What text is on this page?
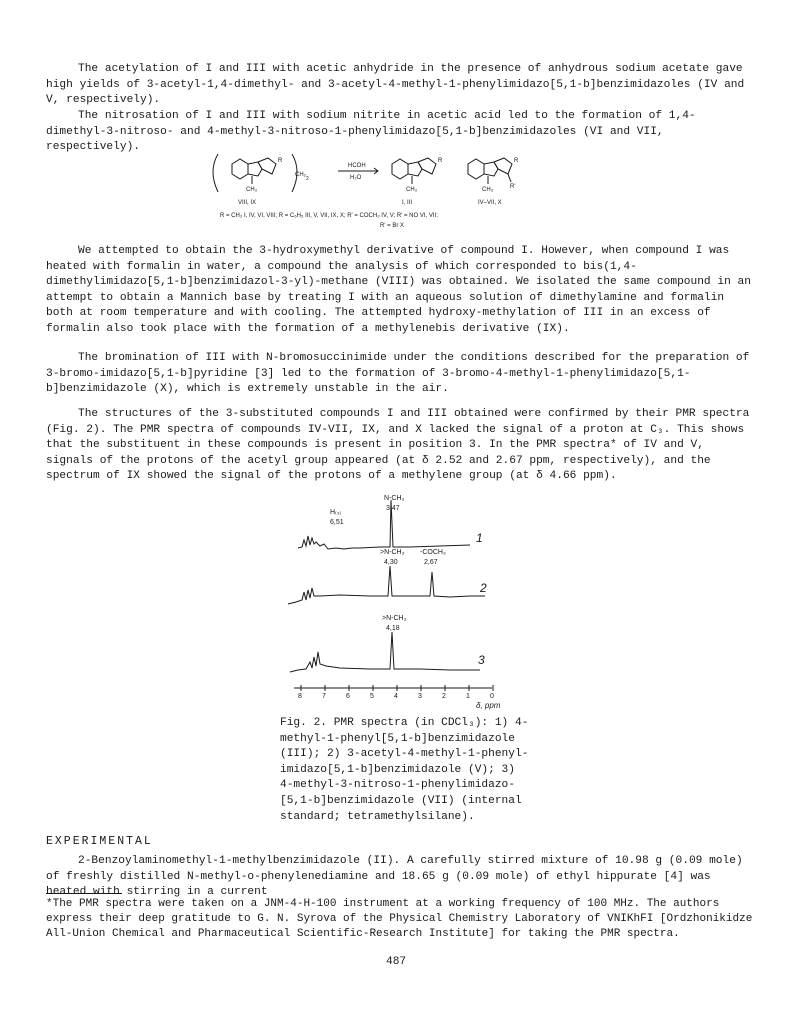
The acetylation of I and III with acetic anhydride in the presence of anhydrous sodium acetate gave high yields of 3-acetyl-1,4-dimethyl- and 3-acetyl-4-methyl-1-phenylimidazo[5,1-b]benzimidazoles (IV and V, respectively).

The nitrosation of I and III with sodium nitrite in acetic acid led to the formation of 1,4-dimethyl-3-nitroso- and 4-methyl-3-nitroso-1-phenylimidazo[5,1-b]benzimidazoles (VI and VII, respectively).

R
CH₃
CH₂
2
HCOH
H₂O
R
CH₃
R
CH₃	R'
VIII, IX	I, III	IV–VII, X
R = CH₃ I, IV, VI, VIII; R = C₆H₅ III, V, VII, IX, X; R' = COCH₃ IV, V; R' = NO VI, VII;
R' = Br X

We attempted to obtain the 3-hydroxymethyl derivative of compound I. However, when compound I was heated with formalin in water, a compound the analysis of which corresponded to bis(1,4-dimethylimidazo[5,1-b]benzimidazol-3-yl)-methane (VIII) was obtained. We isolated the same compound in an attempt to obtain a Mannich base by treating I with an aqueous solution of dimethylamine and formalin both at room temperature and with cooling. The attempted hydroxy-methylation of III in an excess of formalin also took place with the formation of a methylenebis derivative (IX).

The bromination of III with N-bromosuccinimide under the conditions described for the preparation of 3-bromo-imidazo[5,1-b]pyridine [3] led to the formation of 3-bromo-4-methyl-1-phenylimidazo[5,1-b]benzimidazole (X), which is extremely unstable in the air.

The structures of the 3-substituted compounds I and III obtained were confirmed by their PMR spectra (Fig. 2). The PMR spectra of compounds IV-VII, IX, and X lacked the signal of a proton at C₃. This shows that the substituent in these compounds is present in position 3. In the PMR spectra* of IV and V, signals of the protons of the acetyl group appeared (at δ 2.52 and 2.67 ppm, respectively), and the spectrum of IX showed the signal of the protons of a methylene group (at δ 4.66 ppm).

N-CH₃
3,47
H₍₃₎
6,51
>N-CH₃
4,30
-COCH₃
2,67
>N-CH₃
4,18
1
2
3
8	7	6	5	4	3	2	1	0
δ, ppm

Fig. 2. PMR spectra (in CDCl₃): 1) 4-methyl-1-phenyl[5,1-b]benzimidazole (III); 2) 3-acetyl-4-methyl-1-phenyl-imidazo[5,1-b]benzimidazole (V); 3) 4-methyl-3-nitroso-1-phenylimidazo-[5,1-b]benzimidazole (VII) (internal standard; tetramethylsilane).

EXPERIMENTAL

2-Benzoylaminomethyl-1-methylbenzimidazole (II). A carefully stirred mixture of 10.98 g (0.09 mole) of freshly distilled N-methyl-o-phenylenediamine and 18.65 g (0.09 mole) of ethyl hippurate [4] was heated with stirring in a current

*The PMR spectra were taken on a JNM-4-H-100 instrument at a working frequency of 100 MHz. The authors express their deep gratitude to G. N. Syrova of the Physical Chemistry Laboratory of VNIKhFI [Ordzhonikidze All-Union Chemical and Pharmaceutical Scientific-Research Institute] for taking the PMR spectra.

487
